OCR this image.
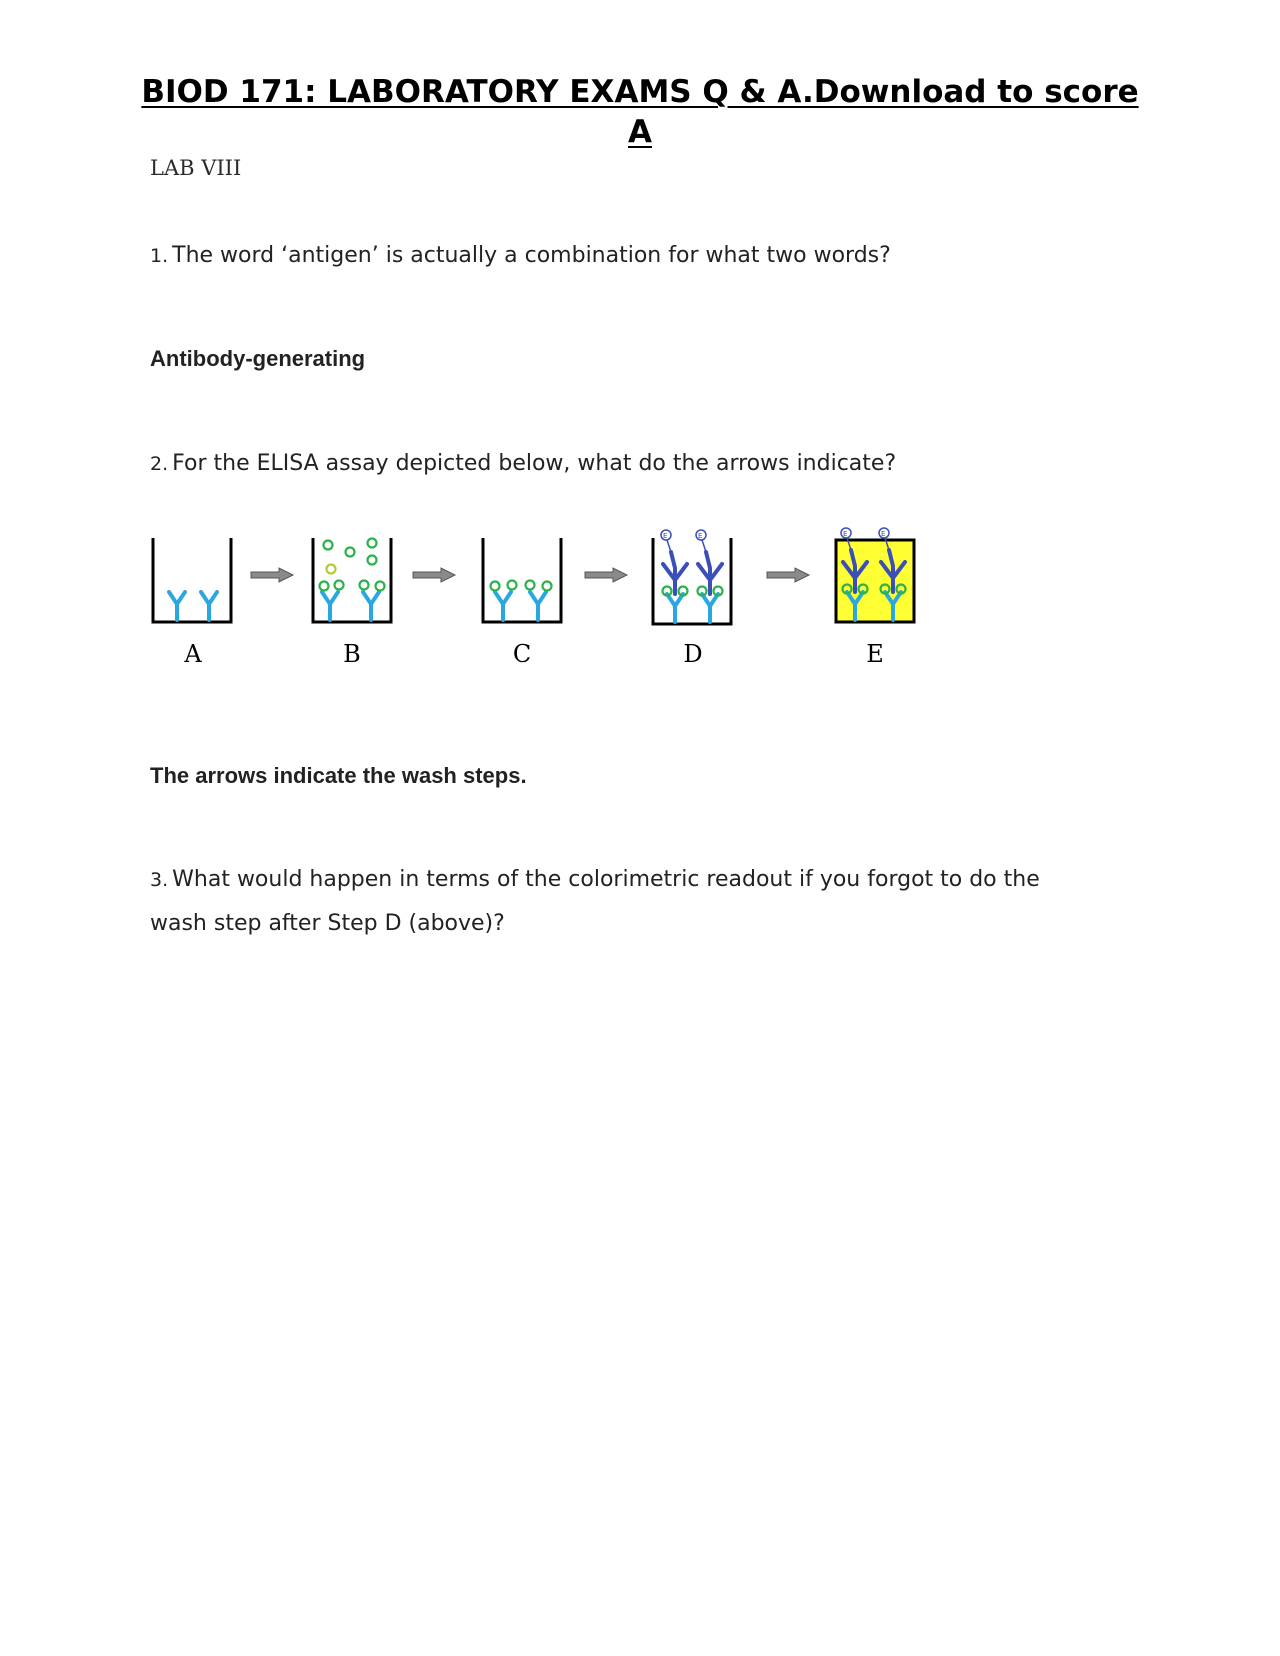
BIOD 171: LABORATORY EXAMS Q & A.Download to score A
LAB VIII
1. The word ‘antigen’ is actually a combination for what two words?
Antibody-generating
2. For the ELISA assay depicted below, what do the arrows indicate?
E
A	B	C	D	E
The arrows indicate the wash steps.
3. What would happen in terms of the colorimetric readout if you forgot to do the wash step after Step D (above)?
